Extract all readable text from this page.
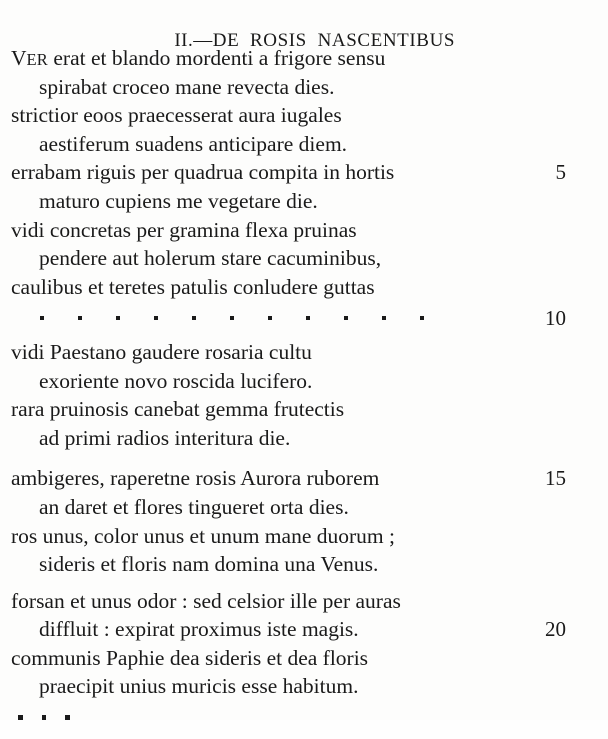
II.—DE ROSIS NASCENTIBUS

VER erat et blando mordenti a frigore sensu

spirabat croceo mane revecta dies.
strictior eoos praecesserat aura iugales
aestiferum suadens anticipare diem.
errabam riguis per quadrua compita in hortis	5
maturo cupiens me vegetare die.
vidi concretas per gramina flexa pruinas
pendere aut holerum stare cacuminibus,
caulibus et teretes patulis conludere guttas
10
vidi Paestano gaudere rosaria cultu
exoriente novo roscida lucifero.
rara pruinosis canebat gemma frutectis
ad primi radios interitura die.
ambigeres, raperetne rosis Aurora ruborem	15
an daret et flores tingueret orta dies.
ros unus, color unus et unum mane duorum ;
sideris et floris nam domina una Venus.
forsan et unus odor : sed celsior ille per auras
diffluit : expirat proximus iste magis.	20
communis Paphie dea sideris et dea floris
praecipit unius muricis esse habitum.
